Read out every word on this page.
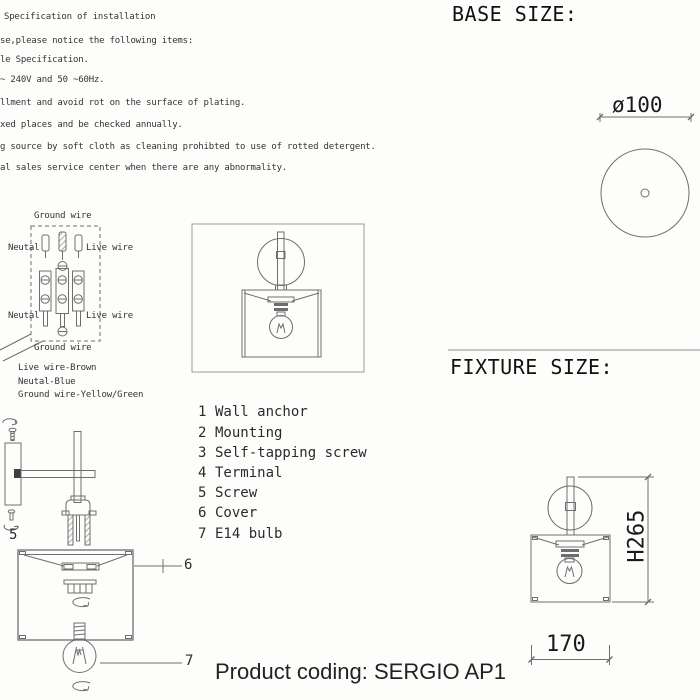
Specification of installation
se,please notice the following items:
le Specification.
~ 240V and 50 ~60Hz.
llment and avoid rot on the surface of plating.
xed places and be checked annually.
g source by soft cloth as cleaning prohibted to use of rotted detergent.
al sales service center when there are any abnormality.
BASE SIZE:
FIXTURE SIZE:
ø100
H265
170
Ground wire
Neutal	Live wire
Neutal	Live wire
Ground wire
Live wire-Brown
Neutal-Blue
Ground wire-Yellow/Green
1 Wall anchor
2 Mounting
3 Self-tapping screw
4 Terminal
5 Screw
6 Cover
7 E14 bulb
5
6
7 Product coding: SERGIO AP1
